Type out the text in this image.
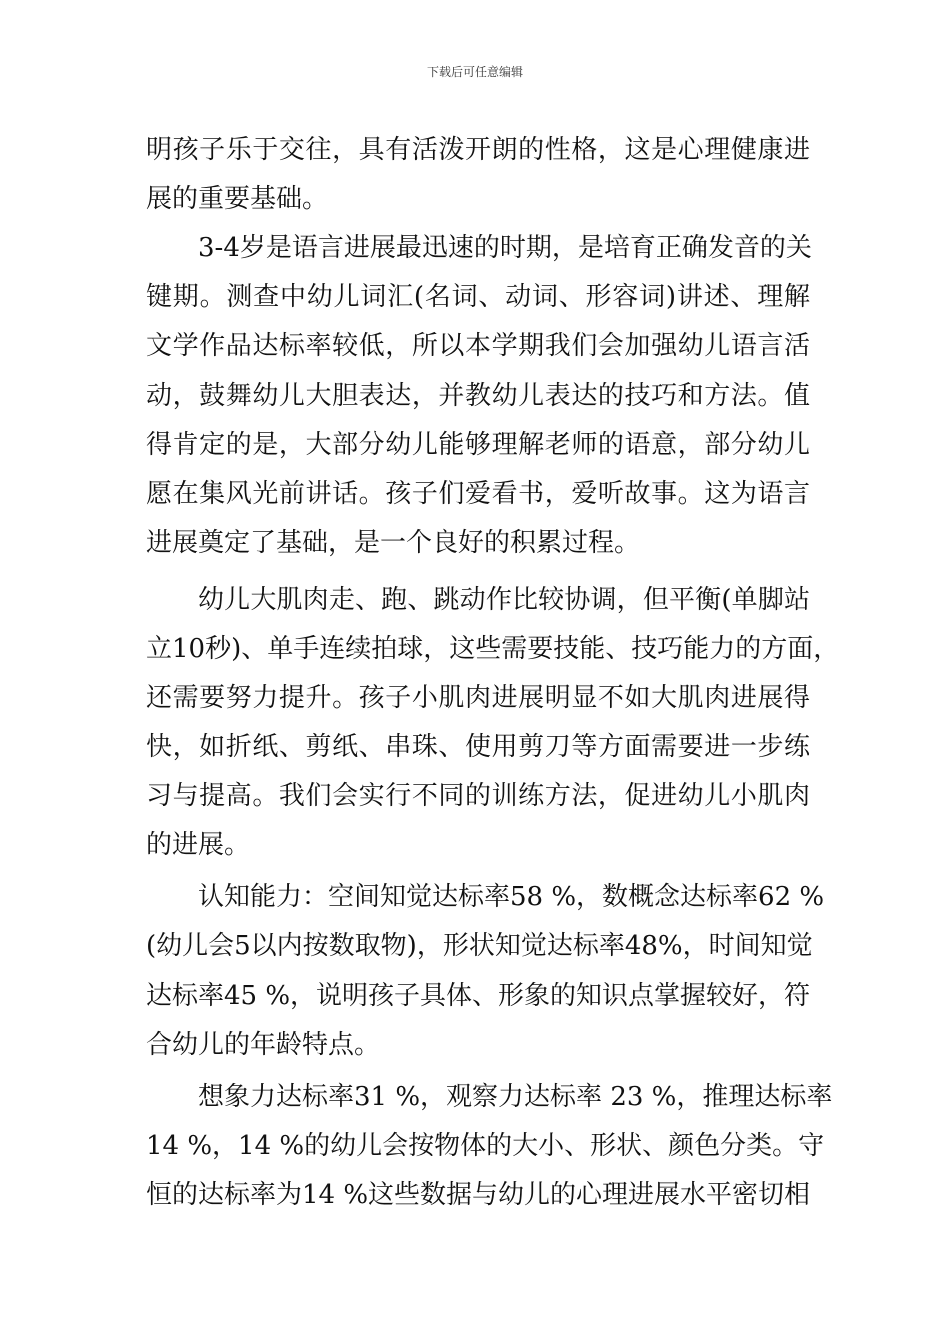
下载后可任意编辑
明孩子乐于交往，具有活泼开朗的性格，这是心理健康进
展的重要基础。
3-4岁是语言进展最迅速的时期，是培育正确发音的关
键期。测查中幼儿词汇(名词、动词、形容词)讲述、理解
文学作品达标率较低，所以本学期我们会加强幼儿语言活
动，鼓舞幼儿大胆表达，并教幼儿表达的技巧和方法。值
得肯定的是，大部分幼儿能够理解老师的语意，部分幼儿
愿在集风光前讲话。孩子们爱看书，爱听故事。这为语言
进展奠定了基础，是一个良好的积累过程。
幼儿大肌肉走、跑、跳动作比较协调，但平衡(单脚站
立10秒)、单手连续拍球，这些需要技能、技巧能力的方面，
还需要努力提升。孩子小肌肉进展明显不如大肌肉进展得
快，如折纸、剪纸、串珠、使用剪刀等方面需要进一步练
习与提高。我们会实行不同的训练方法，促进幼儿小肌肉
的进展。
认知能力：空间知觉达标率58 %，数概念达标率62 %
(幼儿会5以内按数取物)，形状知觉达标率48%，时间知觉
达标率45 %，说明孩子具体、形象的知识点掌握较好，符
合幼儿的年龄特点。
想象力达标率31 %，观察力达标率 23 %，推理达标率
14 %，14 %的幼儿会按物体的大小、形状、颜色分类。守
恒的达标率为14 %这些数据与幼儿的心理进展水平密切相
